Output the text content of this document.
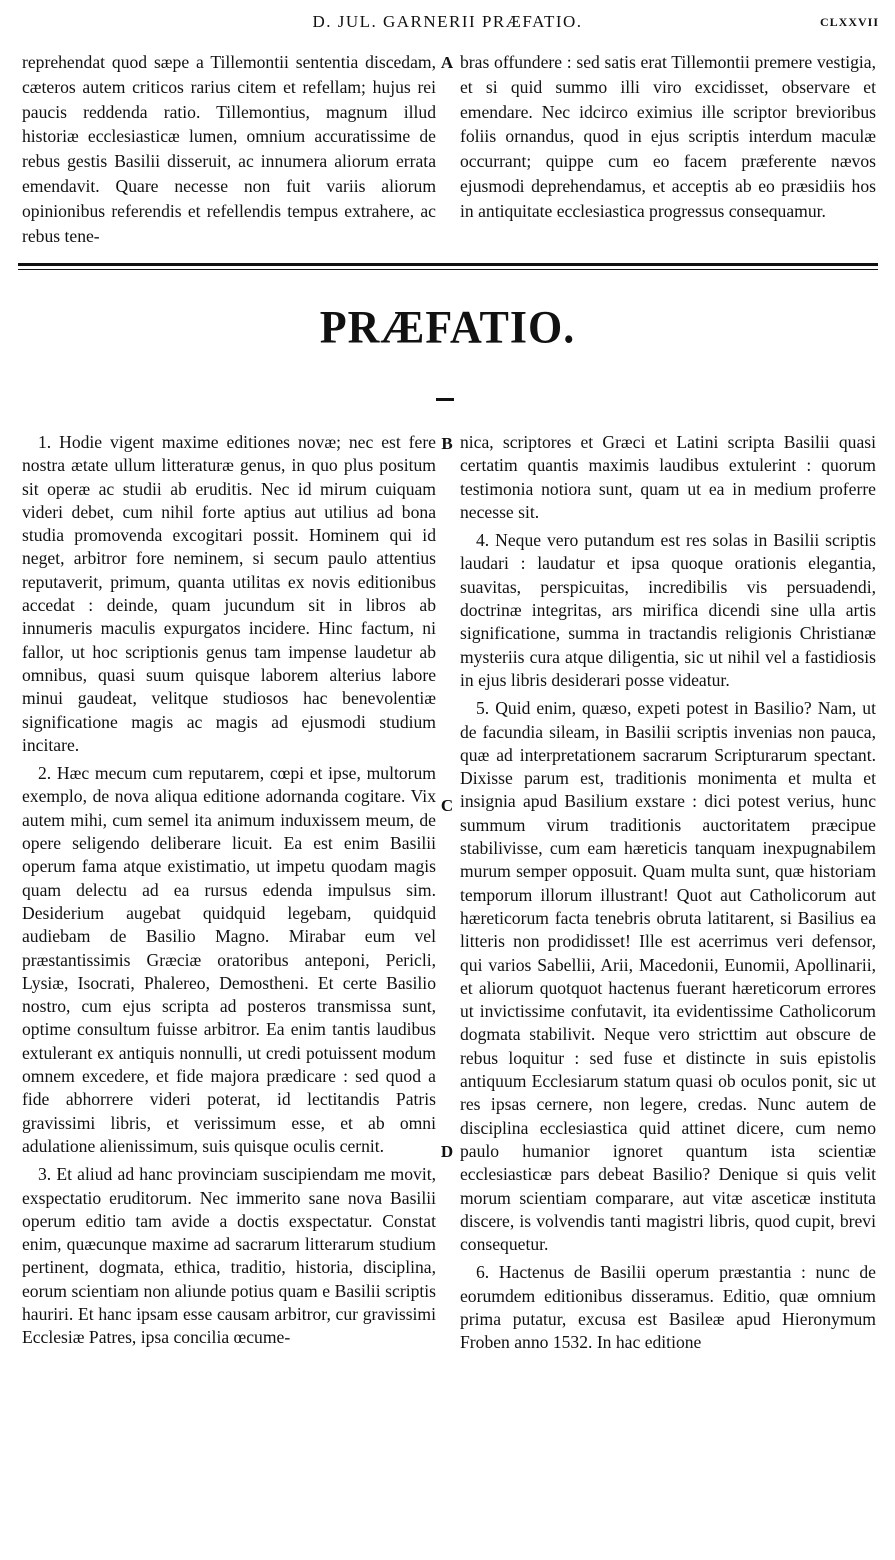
D. JUL. GARNERII PRÆFATIO.	CLXXVII

reprehendat quod sæpe a Tillemontii sententia discedam, cæteros autem criticos rarius citem et refellam; hujus rei paucis reddenda ratio. Tillemontius, magnum illud historiæ ecclesiasticæ lumen, omnium accuratissime de rebus gestis Basilii disseruit, ac innumera aliorum errata emendavit. Quare necesse non fuit variis aliorum opinionibus referendis et refellendis tempus extrahere, ac rebus tene-

A bras offundere : sed satis erat Tillemontii premere vestigia, et si quid summo illi viro excidisset, observare et emendare. Nec idcirco eximius ille scriptor brevioribus foliis ornandus, quod in ejus scriptis interdum maculæ occurrant; quippe cum eo facem præferente nævos ejusmodi deprehendamus, et acceptis ab eo præsidiis hos in antiquitate ecclesiastica progressus consequamur.

PRÆFATIO.

1. Hodie vigent maxime editiones novæ; nec est fere nostra ætate ullum litteraturæ genus, in quo plus positum sit operæ ac studii ab eruditis. Nec id mirum cuiquam videri debet, cum nihil forte aptius aut utilius ad bona studia promovenda excogitari possit. Hominem qui id neget, arbitror fore neminem, si secum paulo attentius reputaverit, primum, quanta utilitas ex novis editionibus accedat : deinde, quam jucundum sit in libros ab innumeris maculis expurgatos incidere. Hinc factum, ni fallor, ut hoc scriptionis genus tam impense laudetur ab omnibus, quasi suum quisque laborem alterius labore minui gaudeat, velitque studiosos hac benevolentiæ significatione magis ac magis ad ejusmodi studium incitare.

2. Hæc mecum cum reputarem, cœpi et ipse, multorum exemplo, de nova aliqua editione adornanda cogitare. Vix autem mihi, cum semel ita animum induxissem meum, de opere seligendo deliberare licuit. Ea est enim Basilii operum fama atque existimatio, ut impetu quodam magis quam delectu ad ea rursus edenda impulsus sim. Desiderium augebat quidquid legebam, quidquid audiebam de Basilio Magno. Mirabar eum vel præstantissimis Græciæ oratoribus anteponi, Pericli, Lysiæ, Isocrati, Phalereo, Demostheni. Et certe Basilio nostro, cum ejus scripta ad posteros transmissa sunt, optime consultum fuisse arbitror. Ea enim tantis laudibus extulerant ex antiquis nonnulli, ut credi potuissent modum omnem excedere, et fide majora prædicare : sed quod a fide abhorrere videri poterat, id lectitandis Patris gravissimi libris, et verissimum esse, et ab omni adulatione alienissimum, suis quisque oculis cernit.

3. Et aliud ad hanc provinciam suscipiendam me movit, exspectatio eruditorum. Nec immerito sane nova Basilii operum editio tam avide a doctis exspectatur. Constat enim, quæcunque maxime ad sacrarum litterarum studium pertinent, dogmata, ethica, traditio, historia, disciplina, eorum scientiam non aliunde potius quam e Basilii scriptis hauriri. Et hanc ipsam esse causam arbitror, cur gravissimi Ecclesiæ Patres, ipsa concilia œcume-

B
C
D

nica, scriptores et Græci et Latini scripta Basilii quasi certatim quantis maximis laudibus extulerint : quorum testimonia notiora sunt, quam ut ea in medium proferre necesse sit.

4. Neque vero putandum est res solas in Basilii scriptis laudari : laudatur et ipsa quoque orationis elegantia, suavitas, perspicuitas, incredibilis vis persuadendi, doctrinæ integritas, ars mirifica dicendi sine ulla artis significatione, summa in tractandis religionis Christianæ mysteriis cura atque diligentia, sic ut nihil vel a fastidiosis in ejus libris desiderari posse videatur.

5. Quid enim, quæso, expeti potest in Basilio? Nam, ut de facundia sileam, in Basilii scriptis invenias non pauca, quæ ad interpretationem sacrarum Scripturarum spectant. Dixisse parum est, traditionis monimenta et multa et insignia apud Basilium exstare : dici potest verius, hunc summum virum traditionis auctoritatem præcipue stabilivisse, cum eam hæreticis tanquam inexpugnabilem murum semper opposuit. Quam multa sunt, quæ historiam temporum illorum illustrant! Quot aut Catholicorum aut hæreticorum facta tenebris obruta latitarent, si Basilius ea litteris non prodidisset! Ille est acerrimus veri defensor, qui varios Sabellii, Arii, Macedonii, Eunomii, Apollinarii, et aliorum quotquot hactenus fuerant hæreticorum errores ut invictissime confutavit, ita evidentissime Catholicorum dogmata stabilivit. Neque vero stricttim aut obscure de rebus loquitur : sed fuse et distincte in suis epistolis antiquum Ecclesiarum statum quasi ob oculos ponit, sic ut res ipsas cernere, non legere, credas. Nunc autem de disciplina ecclesiastica quid attinet dicere, cum nemo paulo humanior ignoret quantum ista scientiæ ecclesiasticæ pars debeat Basilio? Denique si quis velit morum scientiam comparare, aut vitæ asceticæ instituta discere, is volvendis tanti magistri libris, quod cupit, brevi consequetur.

6. Hactenus de Basilii operum præstantia : nunc de eorumdem editionibus disseramus. Editio, quæ omnium prima putatur, excusa est Basileæ apud Hieronymum Froben anno 1532. In hac editione
